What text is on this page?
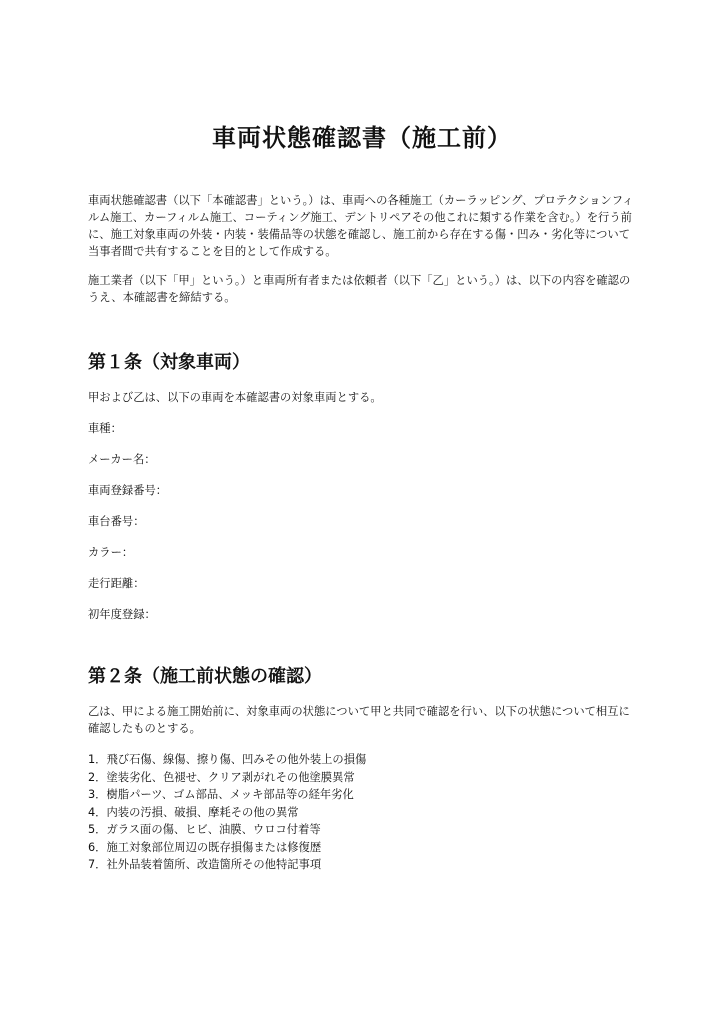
車両状態確認書（施工前）

車両状態確認書（以下「本確認書」という。）は、車両への各種施工（カーラッピング、プロテクションフィルム施工、カーフィルム施工、コーティング施工、デントリペアその他これに類する作業を含む。）を行う前に、施工対象車両の外装・内装・装備品等の状態を確認し、施工前から存在する傷・凹み・劣化等について当事者間で共有することを目的として作成する。

施工業者（以下「甲」という。）と車両所有者または依頼者（以下「乙」という。）は、以下の内容を確認のうえ、本確認書を締結する。

第１条（対象車両）

甲および乙は、以下の車両を本確認書の対象車両とする。

車種：
メーカー名：
車両登録番号：
車台番号：
カラー：
走行距離：
初年度登録：
第２条（施工前状態の確認）

乙は、甲による施工開始前に、対象車両の状態について甲と共同で確認を行い、以下の状態について相互に確認したものとする。

1．飛び石傷、線傷、擦り傷、凹みその他外装上の損傷
2．塗装劣化、色褪せ、クリア剥がれその他塗膜異常
3．樹脂パーツ、ゴム部品、メッキ部品等の経年劣化
4．内装の汚損、破損、摩耗その他の異常
5．ガラス面の傷、ヒビ、油膜、ウロコ付着等
6．施工対象部位周辺の既存損傷または修復歴
7．社外品装着箇所、改造箇所その他特記事項
